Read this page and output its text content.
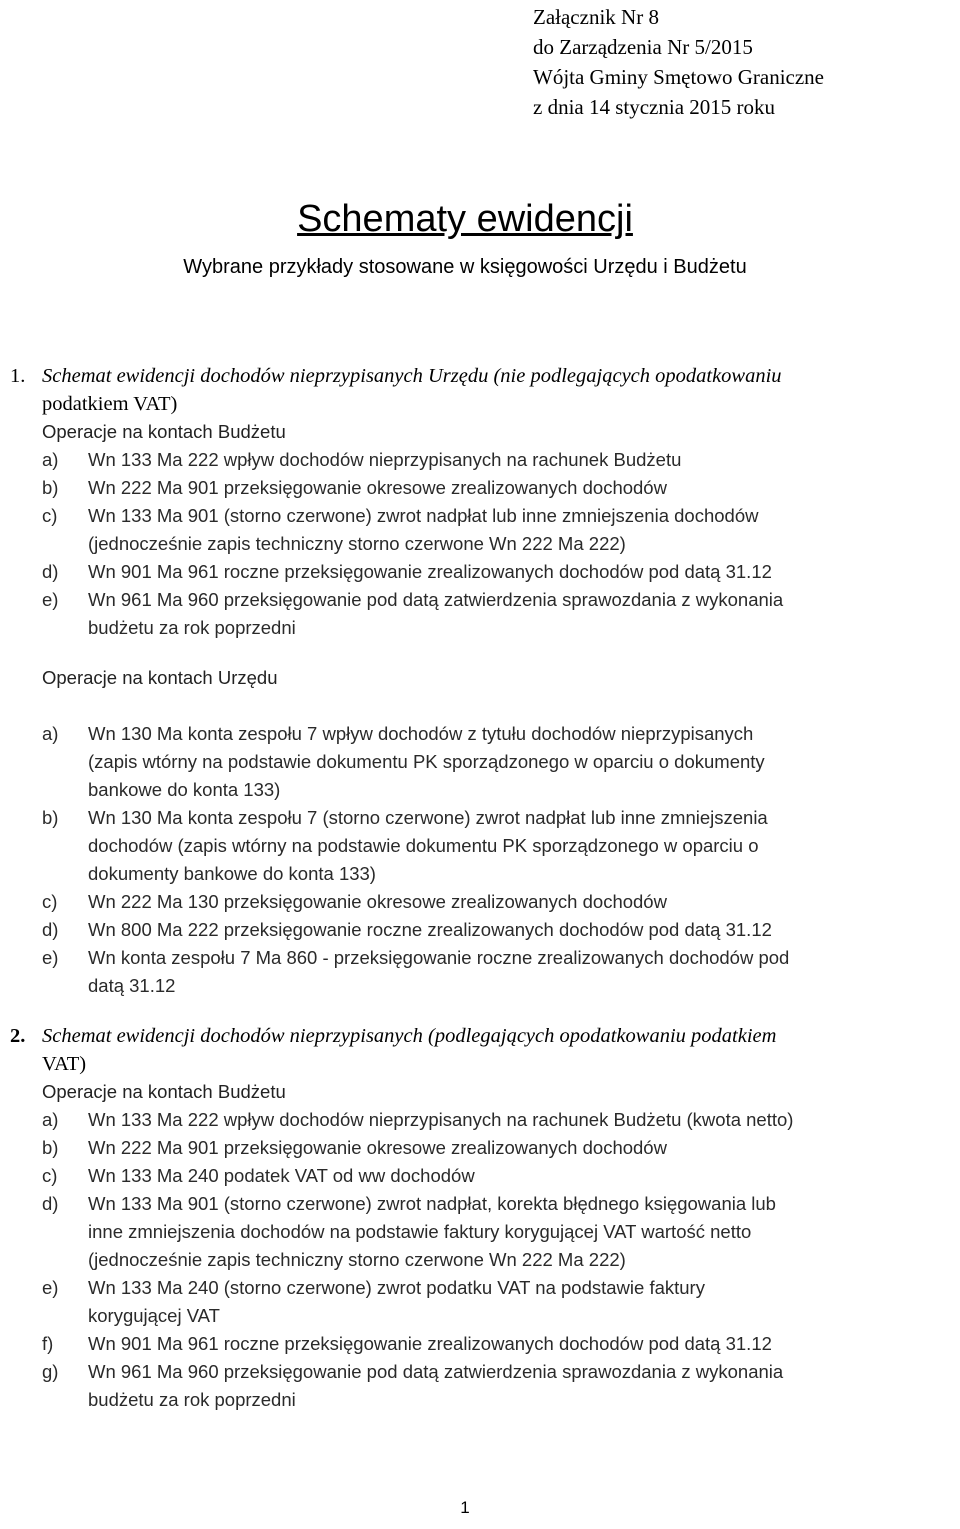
Załącznik Nr 8
do Zarządzenia Nr 5/2015
Wójta Gminy Smętowo Graniczne
z dnia 14 stycznia 2015 roku
Schematy ewidencji
Wybrane przykłady stosowane w księgowości Urzędu i Budżetu
1. Schemat ewidencji dochodów nieprzypisanych Urzędu (nie podlegających opodatkowaniu
podatkiem VAT)
Operacje na kontach Budżetu
a) Wn 133 Ma 222 wpływ dochodów nieprzypisanych na rachunek Budżetu
b) Wn 222 Ma 901 przeksięgowanie okresowe zrealizowanych dochodów
c) Wn 133 Ma 901 (storno czerwone) zwrot nadpłat lub inne zmniejszenia dochodów
(jednocześnie zapis techniczny storno czerwone Wn 222 Ma 222)
d) Wn 901 Ma 961 roczne przeksięgowanie zrealizowanych dochodów pod datą 31.12
e) Wn 961 Ma 960 przeksięgowanie pod datą zatwierdzenia sprawozdania z wykonania
budżetu za rok poprzedni
Operacje na kontach Urzędu
a) Wn 130 Ma konta zespołu 7 wpływ dochodów z tytułu dochodów nieprzypisanych
(zapis wtórny na podstawie dokumentu PK sporządzonego w oparciu o dokumenty
bankowe do konta 133)
b) Wn 130 Ma konta zespołu 7 (storno czerwone) zwrot nadpłat lub inne zmniejszenia
dochodów (zapis wtórny na podstawie dokumentu PK sporządzonego w oparciu o
dokumenty bankowe do konta 133)
c) Wn 222 Ma 130 przeksięgowanie okresowe zrealizowanych dochodów
d) Wn 800 Ma 222 przeksięgowanie roczne zrealizowanych dochodów pod datą 31.12
e) Wn konta zespołu 7 Ma 860 - przeksięgowanie roczne zrealizowanych dochodów pod
datą 31.12
2. Schemat ewidencji dochodów nieprzypisanych (podlegających opodatkowaniu podatkiem
VAT)
Operacje na kontach Budżetu
a) Wn 133 Ma 222 wpływ dochodów nieprzypisanych na rachunek Budżetu (kwota netto)
b) Wn 222 Ma 901 przeksięgowanie okresowe zrealizowanych dochodów
c) Wn 133 Ma 240 podatek VAT od ww dochodów
d) Wn 133 Ma 901 (storno czerwone) zwrot nadpłat, korekta błędnego księgowania lub
inne zmniejszenia dochodów na podstawie faktury korygującej VAT wartość netto
(jednocześnie zapis techniczny storno czerwone Wn 222 Ma 222)
e) Wn 133 Ma 240 (storno czerwone) zwrot podatku VAT na podstawie faktury
korygującej VAT
f) Wn 901 Ma 961 roczne przeksięgowanie zrealizowanych dochodów pod datą 31.12
g) Wn 961 Ma 960 przeksięgowanie pod datą zatwierdzenia sprawozdania z wykonania
budżetu za rok poprzedni
1
